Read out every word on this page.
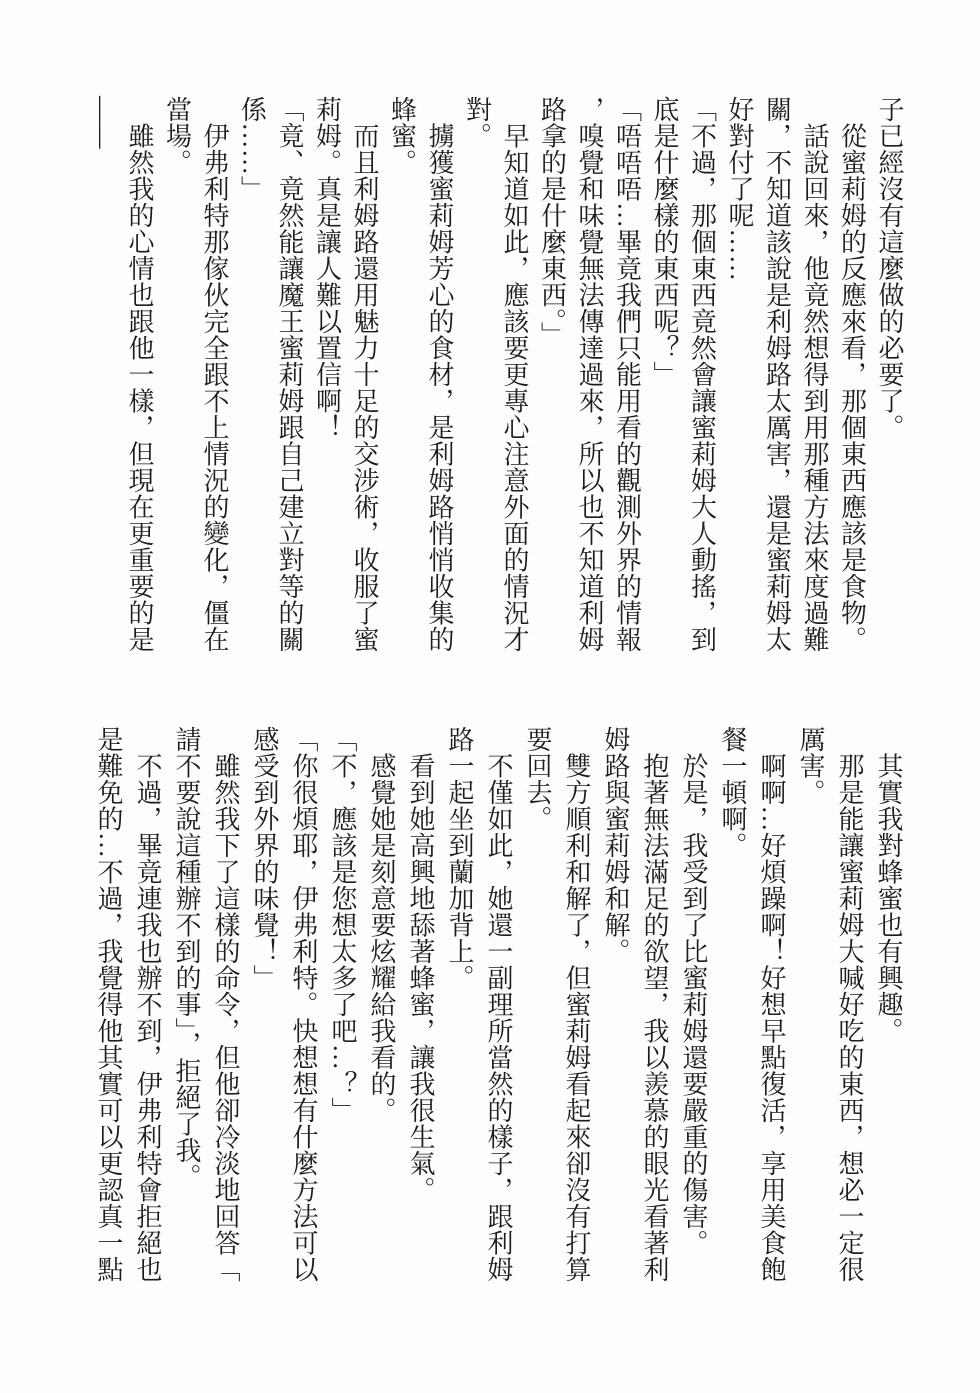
子已經沒有這麼做的必要了。
　從蜜莉姆的反應來看，那個東西應該是食物。
　話說回來，他竟然想得到用那種方法來度過難
關，不知道該說是利姆路太厲害，還是蜜莉姆太
好對付了呢……
「不過，那個東西竟然會讓蜜莉姆大人動搖，到
底是什麼樣的東西呢？」
「唔唔唔…畢竟我們只能用看的觀測外界的情報
，嗅覺和味覺無法傳達過來，所以也不知道利姆
路拿的是什麼東西。」
　早知道如此，應該要更專心注意外面的情況才
對。
　擄獲蜜莉姆芳心的食材，是利姆路悄悄收集的
蜂蜜。
　而且利姆路還用魅力十足的交涉術，收服了蜜
莉姆。真是讓人難以置信啊！
「竟、竟然能讓魔王蜜莉姆跟自己建立對等的關
係……」
　伊弗利特那傢伙完全跟不上情況的變化，僵在
當場。
　雖然我的心情也跟他一樣，但現在更重要的是
——
　其實我對蜂蜜也有興趣。
　那是能讓蜜莉姆大喊好吃的東西，想必一定很
厲害。
　啊啊…好煩躁啊！好想早點復活，享用美食飽
餐一頓啊。
　於是，我受到了比蜜莉姆還要嚴重的傷害。
　抱著無法滿足的欲望，我以羨慕的眼光看著利
姆路與蜜莉姆和解。
　雙方順利和解了，但蜜莉姆看起來卻沒有打算
要回去。
　不僅如此，她還一副理所當然的樣子，跟利姆
路一起坐到蘭加背上。
　看到她高興地舔著蜂蜜，讓我很生氣。
　感覺她是刻意要炫耀給我看的。
「不，應該是您想太多了吧…？」
「你很煩耶，伊弗利特。快想想有什麼方法可以
感受到外界的味覺！」
　雖然我下了這樣的命令，但他卻冷淡地回答「
請不要說這種辦不到的事」，拒絕了我。
　不過，畢竟連我也辦不到，伊弗利特會拒絕也
是難免的…不過，我覺得他其實可以更認真一點
